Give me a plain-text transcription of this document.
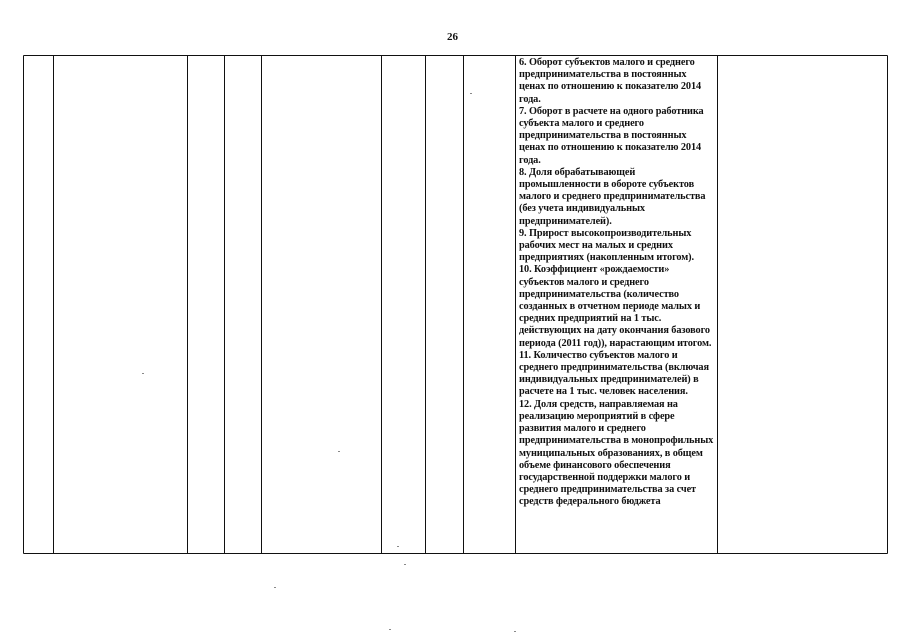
26

6. Оборот субъектов малого и среднего предпринимательства в постоянных ценах по отношению к показателю 2014 года.

7. Оборот в расчете на одного работника субъекта малого и среднего предпринимательства в постоянных ценах по отношению к показателю 2014 года.

8. Доля обрабатывающей промышленности в обороте субъектов малого и среднего предпринимательства (без учета индивидуальных предпринимателей).

9. Прирост высокопроизводительных рабочих мест на малых и средних предприятиях (накопленным итогом).

10. Коэффициент «рождаемости» субъектов малого и среднего предпринимательства (количество созданных в отчетном периоде малых и средних предприятий на 1 тыс. действующих на дату окончания базового периода (2011 год)), нарастающим итогом.

11. Количество субъектов малого и среднего предпринимательства (включая индивидуальных предпринимателей) в расчете на 1 тыс. человек населения.

12. Доля средств, направляемая на реализацию мероприятий в сфере развития малого и среднего предпринимательства в монопрофильных муниципальных образованиях, в общем объеме финансового обеспечения государственной поддержки малого и среднего предпринимательства за счет средств федерального бюджета
